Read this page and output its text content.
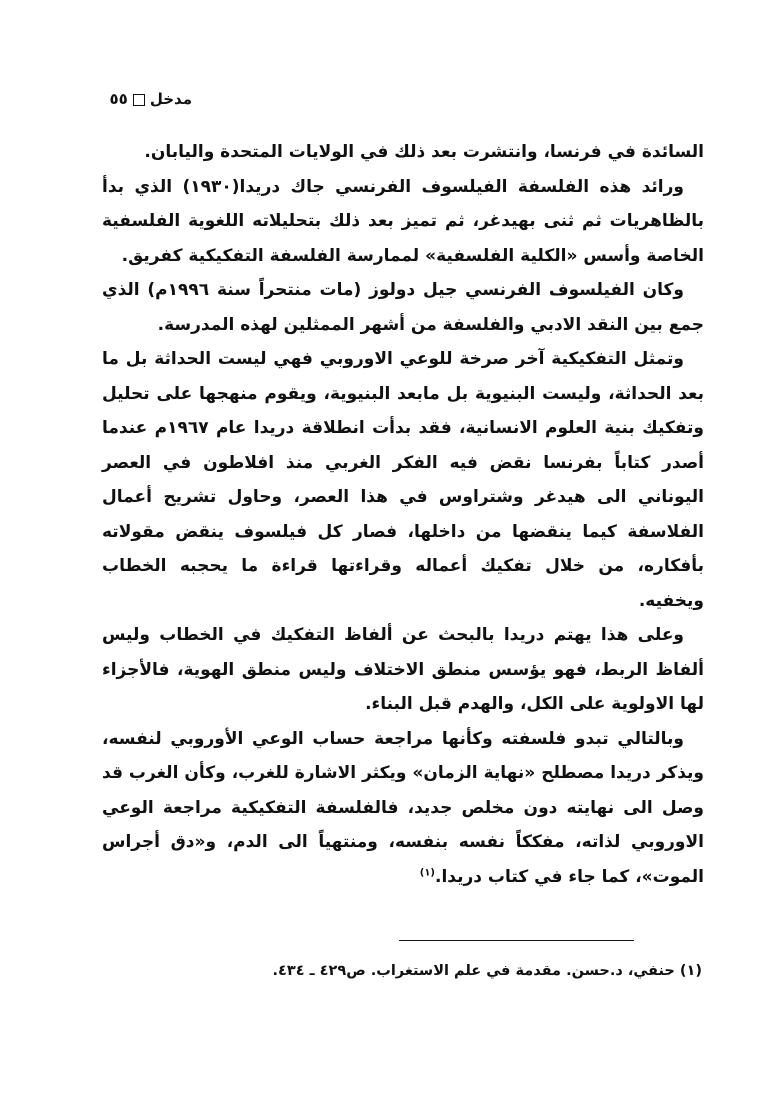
مدخل٥٥

السائدة في فرنسا، وانتشرت بعد ذلك في الولايات المتحدة واليابان.

ورائد هذه الفلسفة الفيلسوف الفرنسي جاك دريدا(١٩٣٠) الذي بدأ بالظاهريات ثم ثنى بهيدغر، ثم تميز بعد ذلك بتحليلاته اللغوية الفلسفية الخاصة وأسس «الكلية الفلسفية» لممارسة الفلسفة التفكيكية كفريق.

وكان الفيلسوف الفرنسي جيل دولوز (مات منتحراً سنة ١٩٩٦م) الذي جمع بين النقد الادبي والفلسفة من أشهر الممثلين لهذه المدرسة.

وتمثل التفكيكية آخر صرخة للوعي الاوروبي فهي ليست الحداثة بل ما بعد الحداثة، وليست البنيوية بل مابعد البنيوية، ويقوم منهجها على تحليل وتفكيك بنية العلوم الانسانية، فقد بدأت انطلاقة دريدا عام ١٩٦٧م عندما أصدر كتاباً بفرنسا نقض فيه الفكر الغربي منذ افلاطون في العصر اليوناني الى هيدغر وشتراوس في هذا العصر، وحاول تشريح أعمال الفلاسفة كيما ينقضها من داخلها، فصار كل فيلسوف ينقض مقولاته بأفكاره، من خلال تفكيك أعماله وقراءتها قراءة ما يحجبه الخطاب ويخفيه.

وعلى هذا يهتم دريدا بالبحث عن ألفاظ التفكيك في الخطاب وليس ألفاظ الربط، فهو يؤسس منطق الاختلاف وليس منطق الهوية، فالأجزاء لها الاولوية على الكل، والهدم قبل البناء.

وبالتالي تبدو فلسفته وكأنها مراجعة حساب الوعي الأوروبي لنفسه، ويذكر دريدا مصطلح «نهاية الزمان» ويكثر الاشارة للغرب، وكأن الغرب قد وصل الى نهايته دون مخلص جديد، فالفلسفة التفكيكية مراجعة الوعي الاوروبي لذاته، مفككاً نفسه بنفسه، ومنتهياً الى الدم، و«دق أجراس الموت»، كما جاء في كتاب دريدا.$^{(١)}$

(١) حنفي، د.حسن. مقدمة في علم الاستغراب. ص٤٢٩ ـ ٤٣٤.
